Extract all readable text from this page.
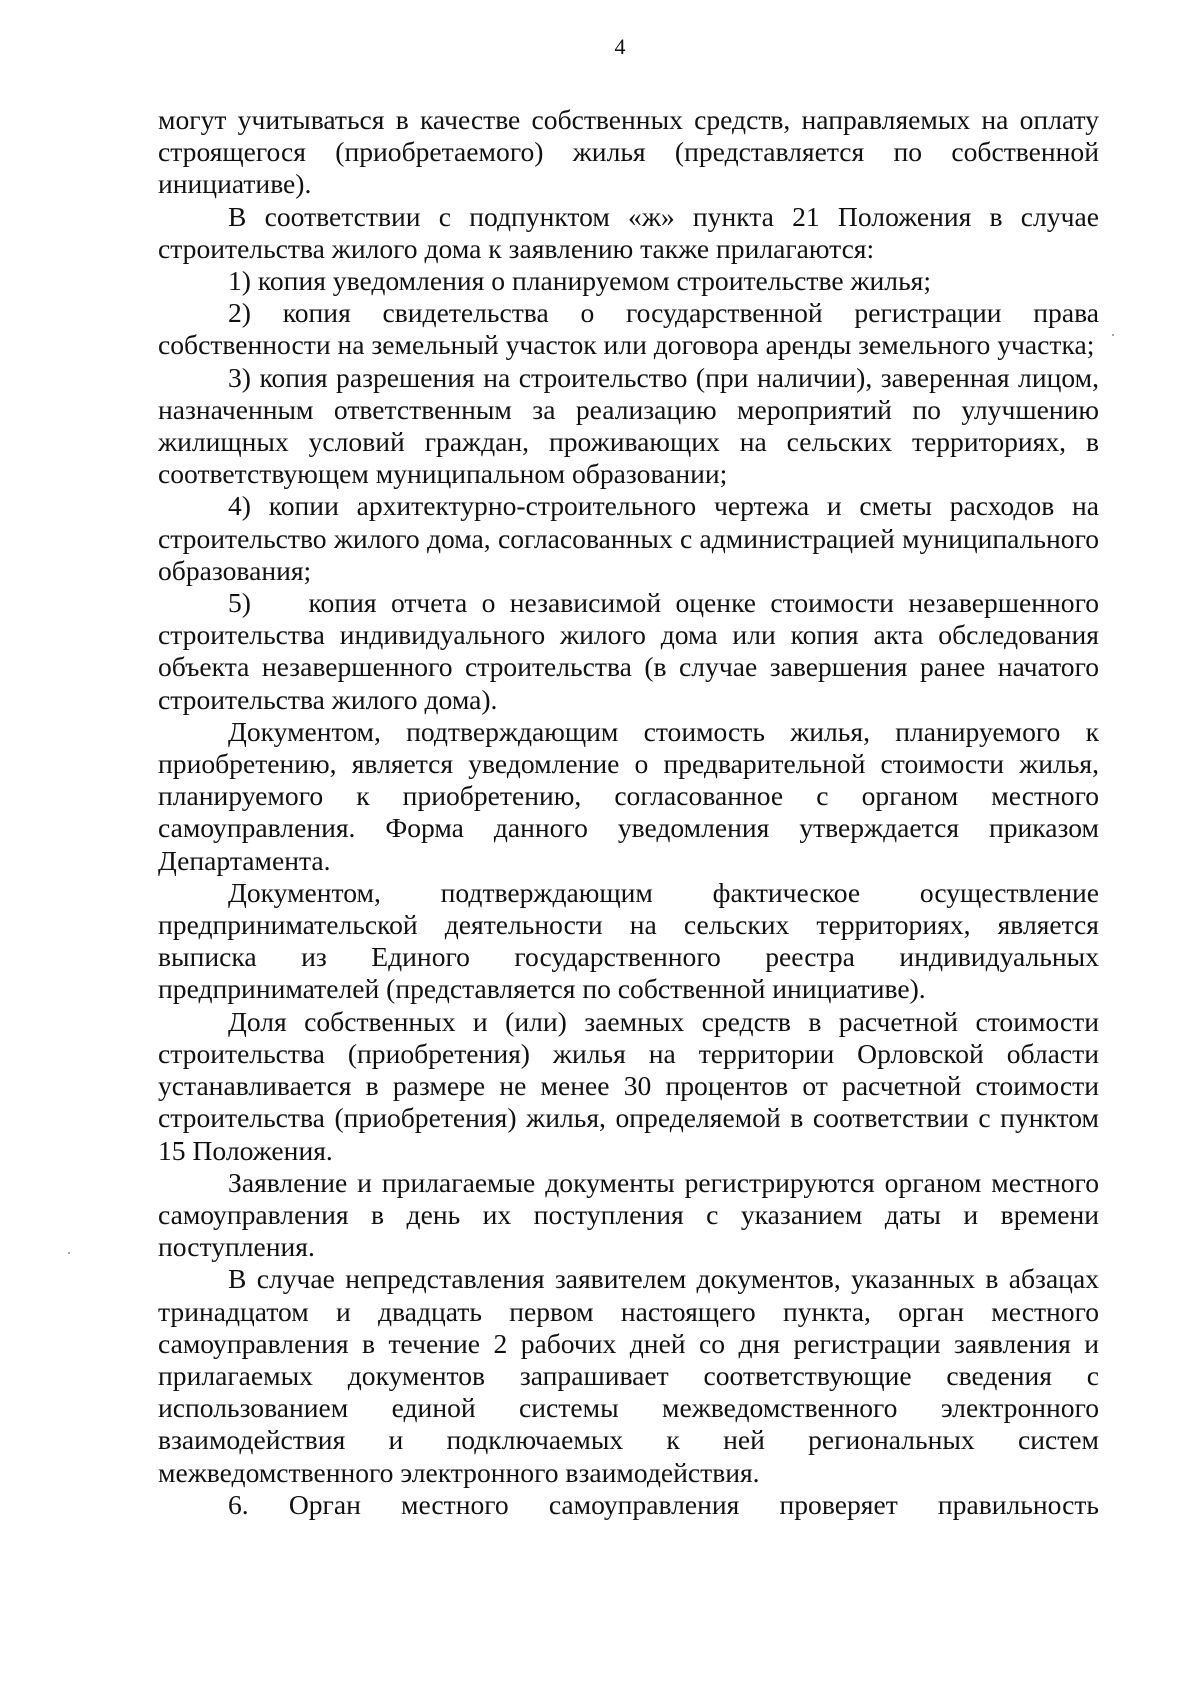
4

могут учитываться в качестве собственных средств, направляемых на оплату строящегося (приобретаемого) жилья (представляется по собственной инициативе).

В соответствии с подпунктом «ж» пункта 21 Положения в случае строительства жилого дома к заявлению также прилагаются:

1) копия уведомления о планируемом строительстве жилья;

2) копия свидетельства о государственной регистрации права собственности на земельный участок или договора аренды земельного участка;

3) копия разрешения на строительство (при наличии), заверенная лицом, назначенным ответственным за реализацию мероприятий по улучшению жилищных условий граждан, проживающих на сельских территориях, в соответствующем муниципальном образовании;

4) копии архитектурно-строительного чертежа и сметы расходов на строительство жилого дома, согласованных с администрацией муниципального образования;

5)    копия отчета о независимой оценке стоимости незавершенного строительства индивидуального жилого дома или копия акта обследования объекта незавершенного строительства (в случае завершения ранее начатого строительства жилого дома).

Документом, подтверждающим стоимость жилья, планируемого к приобретению, является уведомление о предварительной стоимости жилья, планируемого к приобретению, согласованное с органом местного самоуправления. Форма данного уведомления утверждается приказом Департамента.

Документом, подтверждающим фактическое осуществление предпринимательской деятельности на сельских территориях, является выписка из Единого государственного реестра индивидуальных предпринимателей (представляется по собственной инициативе).

Доля собственных и (или) заемных средств в расчетной стоимости строительства (приобретения) жилья на территории Орловской области устанавливается в размере не менее 30 процентов от расчетной стоимости строительства (приобретения) жилья, определяемой в соответствии с пунктом 15 Положения.

Заявление и прилагаемые документы регистрируются органом местного самоуправления в день их поступления с указанием даты и времени поступления.

В случае непредставления заявителем документов, указанных в абзацах тринадцатом и двадцать первом настоящего пункта, орган местного самоуправления в течение 2 рабочих дней со дня регистрации заявления и прилагаемых документов запрашивает соответствующие сведения с использованием единой системы межведомственного электронного взаимодействия и подключаемых к ней региональных систем межведомственного электронного взаимодействия.

6. Орган местного самоуправления проверяет правильность
